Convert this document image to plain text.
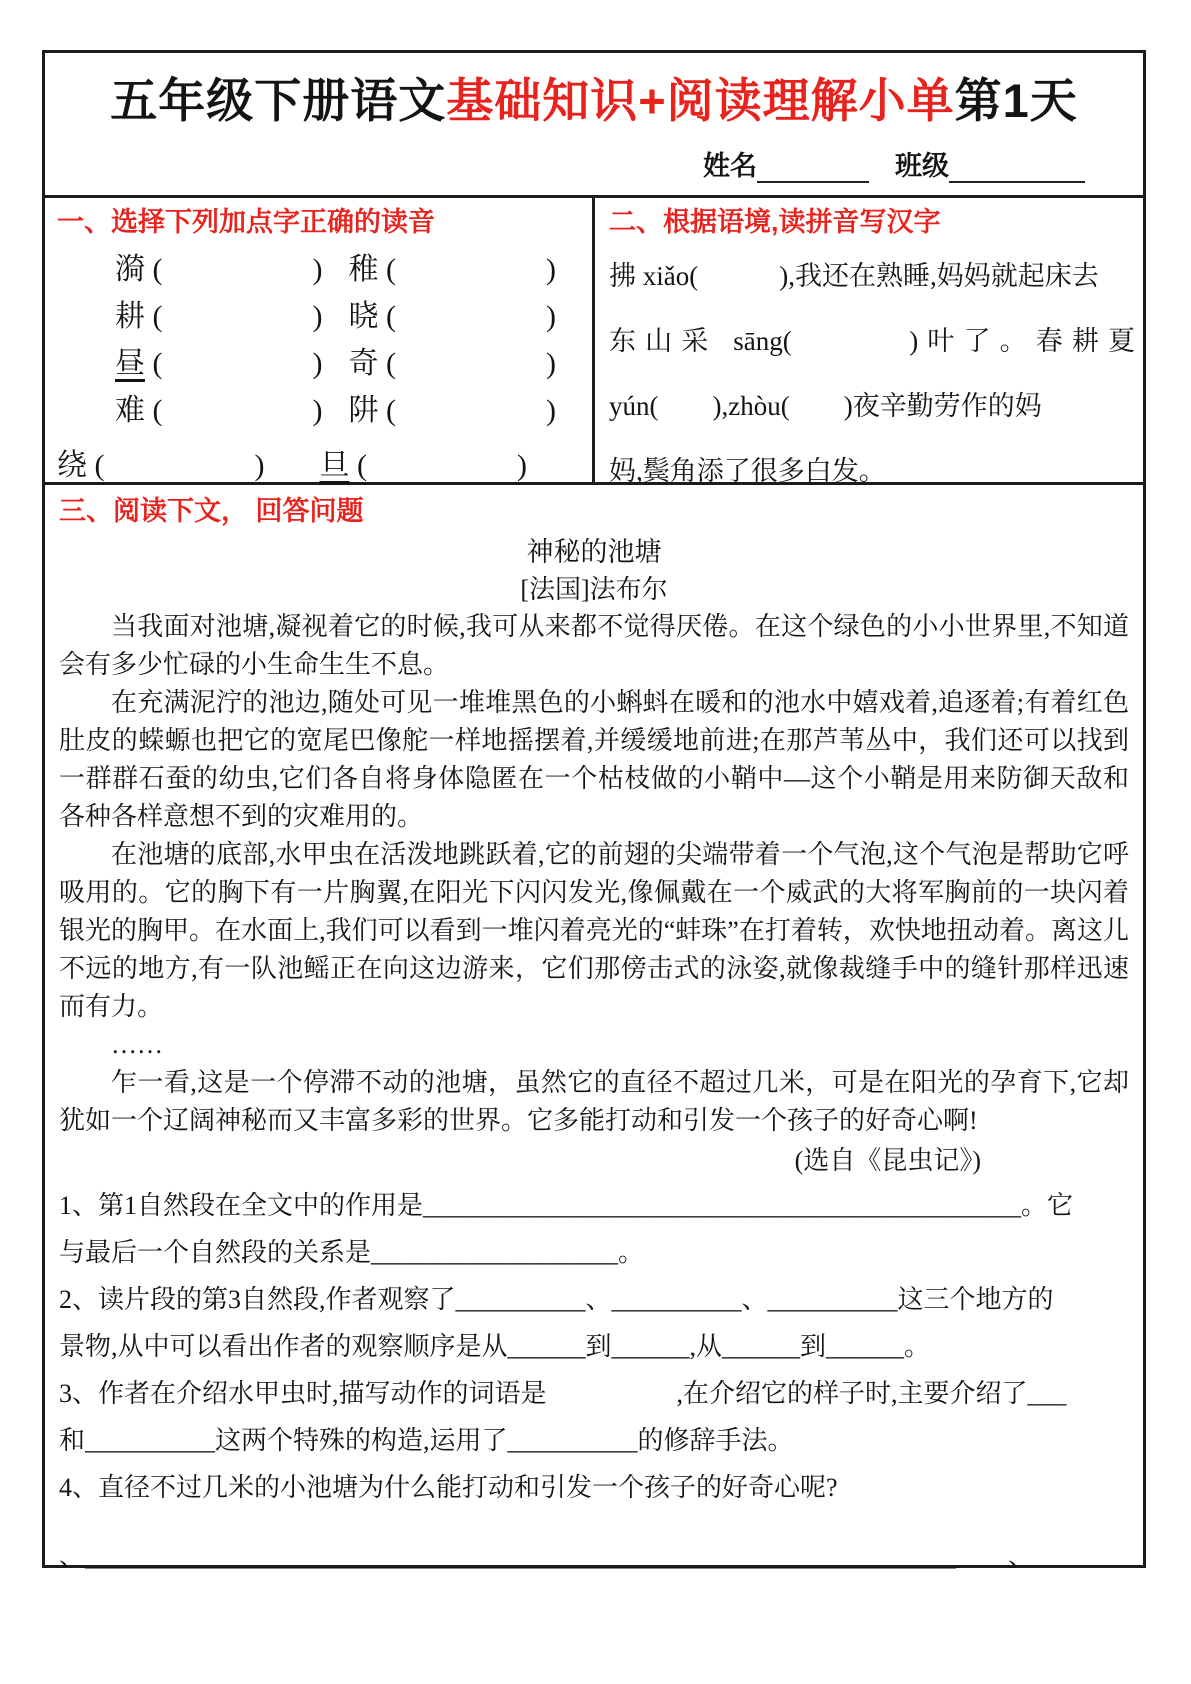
五年级下册语文基础知识+阅读理解小单第1天
姓名	班级
一、选择下列加点字正确的读音
漪 (　　　　　) 稚 (　　　　　)
耕 (　　　　　) 晓 (　　　　　)
昼 (　　　　　) 奇 (　　　　　)
难 (　　　　　) 阱 (　　　　　)
绕 (　　　　　)	旦 (　　　　　)
二、根据语境,读拼音写汉字
拂 xiǎo(　　　),我还在熟睡,妈妈就起床去
东山采 sāng(　　　)叶了。春耕夏
yún(　　),zhòu(　　)夜辛勤劳作的妈
妈,鬓角添了很多白发。
三、阅读下文， 回答问题
神秘的池塘
[法国]法布尔

当我面对池塘,凝视着它的时候,我可从来都不觉得厌倦。在这个绿色的小小世界里,不知道会有多少忙碌的小生命生生不息。

在充满泥泞的池边,随处可见一堆堆黑色的小蝌蚪在暖和的池水中嬉戏着,追逐着;有着红色肚皮的蝾螈也把它的宽尾巴像舵一样地摇摆着,并缓缓地前进;在那芦苇丛中，我们还可以找到一群群石蚕的幼虫,它们各自将身体隐匿在一个枯枝做的小鞘中—这个小鞘是用来防御天敌和各种各样意想不到的灾难用的。

在池塘的底部,水甲虫在活泼地跳跃着,它的前翅的尖端带着一个气泡,这个气泡是帮助它呼吸用的。它的胸下有一片胸翼,在阳光下闪闪发光,像佩戴在一个威武的大将军胸前的一块闪着银光的胸甲。在水面上,我们可以看到一堆闪着亮光的“蚌珠”在打着转，欢快地扭动着。离这儿不远的地方,有一队池鳐正在向这边游来，它们那傍击式的泳姿,就像裁缝手中的缝针那样迅速而有力。

……

乍一看,这是一个停滞不动的池塘，虽然它的直径不超过几米，可是在阳光的孕育下,它却犹如一个辽阔神秘而又丰富多彩的世界。它多能打动和引发一个孩子的好奇心啊!

(选自《昆虫记》)
1、第1自然段在全文中的作用是______________________________________________。它
与最后一个自然段的关系是___________________。
2、读片段的第3自然段,作者观察了__________、__________、__________这三个地方的
景物,从中可以看出作者的观察顺序是从______到______,从______到______。
3、作者在介绍水甲虫时,描写动作的词语是　　　　　,在介绍它的样子时,主要介绍了___
和__________这两个特殊的构造,运用了__________的修辞手法。
4、直径不过几米的小池塘为什么能打动和引发一个孩子的好奇心呢?
、___________________________________________________________________　　、
